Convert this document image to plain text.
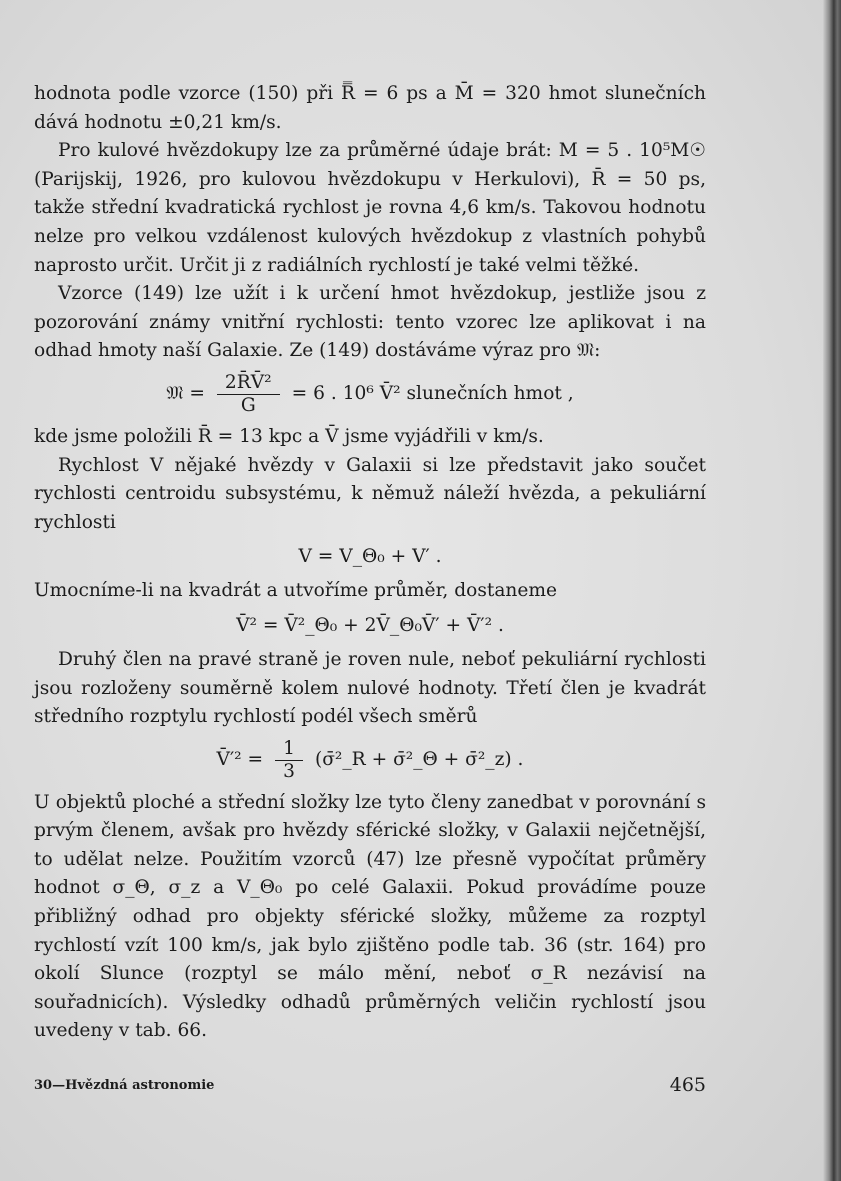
hodnota podle vzorce (150) při R̿ = 6 ps a M̄ = 320 hmot slunečních dává hodnotu ±0,21 km/s.

Pro kulové hvězdokupy lze za průměrné údaje brát: M = 5 . 10⁵M☉ (Parijskij, 1926, pro kulovou hvězdokupu v Herkulovi), R̄ = 50 ps, takže střední kvadratická rychlost je rovna 4,6 km/s. Takovou hodnotu nelze pro velkou vzdálenost kulových hvězdokup z vlastních pohybů naprosto určit. Určit ji z radiálních rychlostí je také velmi těžké.

Vzorce (149) lze užít i k určení hmot hvězdokup, jestliže jsou z pozorování známy vnitřní rychlosti: tento vzorec lze aplikovat i na odhad hmoty naší Galaxie. Ze (149) dostáváme výraz pro 𝔐:

𝔐 = $\frac{\text{2R̄V̄²}}{G} = 6$ . 10⁶ V̄² slunečních hmot ,

kde jsme položili R̄ = 13 kpc a V̄ jsme vyjádřili v km/s.

Rychlost V nějaké hvězdy v Galaxii si lze představit jako součet rychlosti centroidu subsystému, k němuž náleží hvězda, a pekuliární rychlosti

V = V_Θ₀ + V′ .

Umocníme-li na kvadrát a utvoříme průměr, dostaneme

V̄² = V̄²_Θ₀ + 2V̄_Θ₀V̄′ + V̄′² .

Druhý člen na pravé straně je roven nule, neboť pekuliární rychlosti jsou rozloženy souměrně kolem nulové hodnoty. Třetí člen je kvadrát středního rozptylu rychlostí podél všech směrů

V̄′² = $\frac{1}{3}$ (σ̄²_R + σ̄²_Θ + σ̄²_z) .

U objektů ploché a střední složky lze tyto členy zanedbat v porovnání s prvým členem, avšak pro hvězdy sférické složky, v Galaxii nejčetnější, to udělat nelze. Použitím vzorců (47) lze přesně vypočítat průměry hodnot σ_Θ, σ_z a V_Θ₀ po celé Galaxii. Pokud provádíme pouze přibližný odhad pro objekty sférické složky, můžeme za rozptyl rychlostí vzít 100 km/s, jak bylo zjištěno podle tab. 36 (str. 164) pro okolí Slunce (rozptyl se málo mění, neboť σ_R nezávisí na souřadnicích). Výsledky odhadů průměrných veličin rychlostí jsou uvedeny v tab. 66.

30—Hvězdná astronomie	465
